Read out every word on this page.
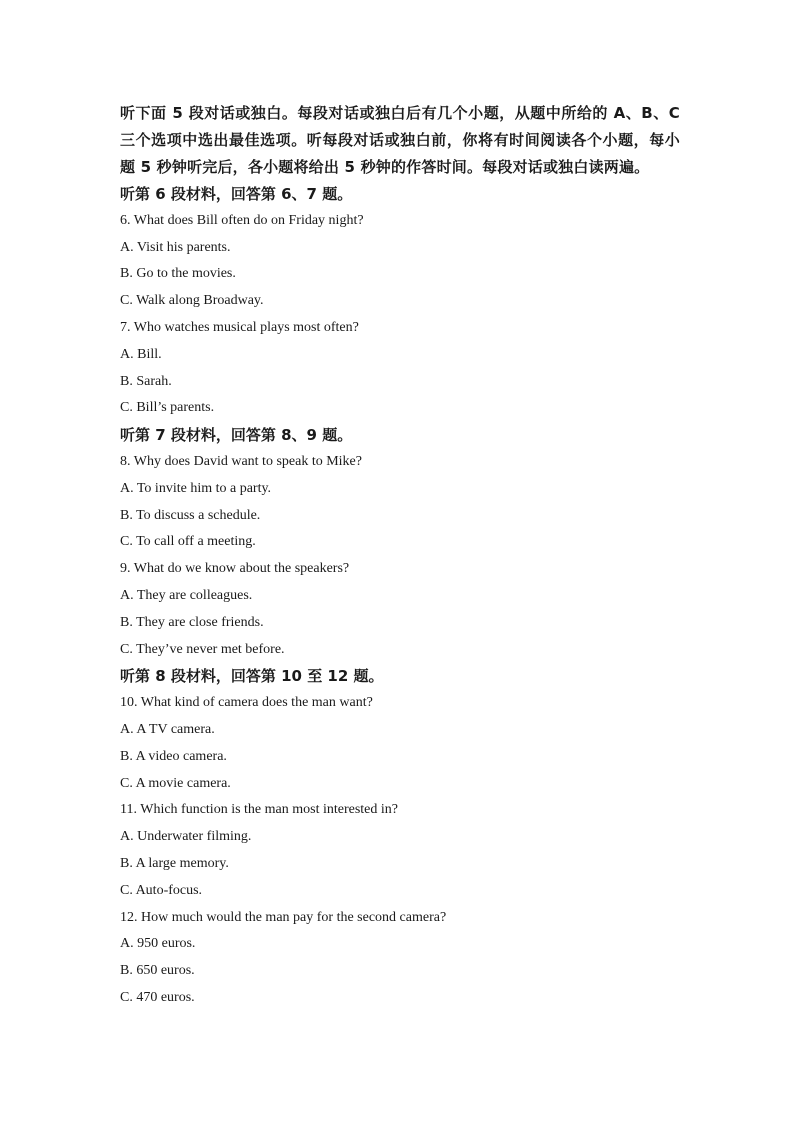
听下面 5 段对话或独白。每段对话或独白后有几个小题，从题中所给的 A、B、C 三个选项中选出最佳选项。听每段对话或独白前，你将有时间阅读各个小题，每小题 5 秒钟听完后，各小题将给出 5 秒钟的作答时间。每段对话或独白读两遍。

听第 6 段材料，回答第 6、7 题。

6. What does Bill often do on Friday night?

A. Visit his parents.

B. Go to the movies.

C. Walk along Broadway.

7. Who watches musical plays most often?

A. Bill.

B. Sarah.

C. Bill’s parents.

听第 7 段材料，回答第 8、9 题。

8. Why does David want to speak to Mike?

A. To invite him to a party.

B. To discuss a schedule.

C. To call off a meeting.

9. What do we know about the speakers?

A. They are colleagues.

B. They are close friends.

C. They’ve never met before.

听第 8 段材料，回答第 10 至 12 题。

10. What kind of camera does the man want?

A. A TV camera.

B. A video camera.

C. A movie camera.

11. Which function is the man most interested in?

A. Underwater filming.

B. A large memory.

C. Auto-focus.

12. How much would the man pay for the second camera?

A. 950 euros.

B. 650 euros.

C. 470 euros.
